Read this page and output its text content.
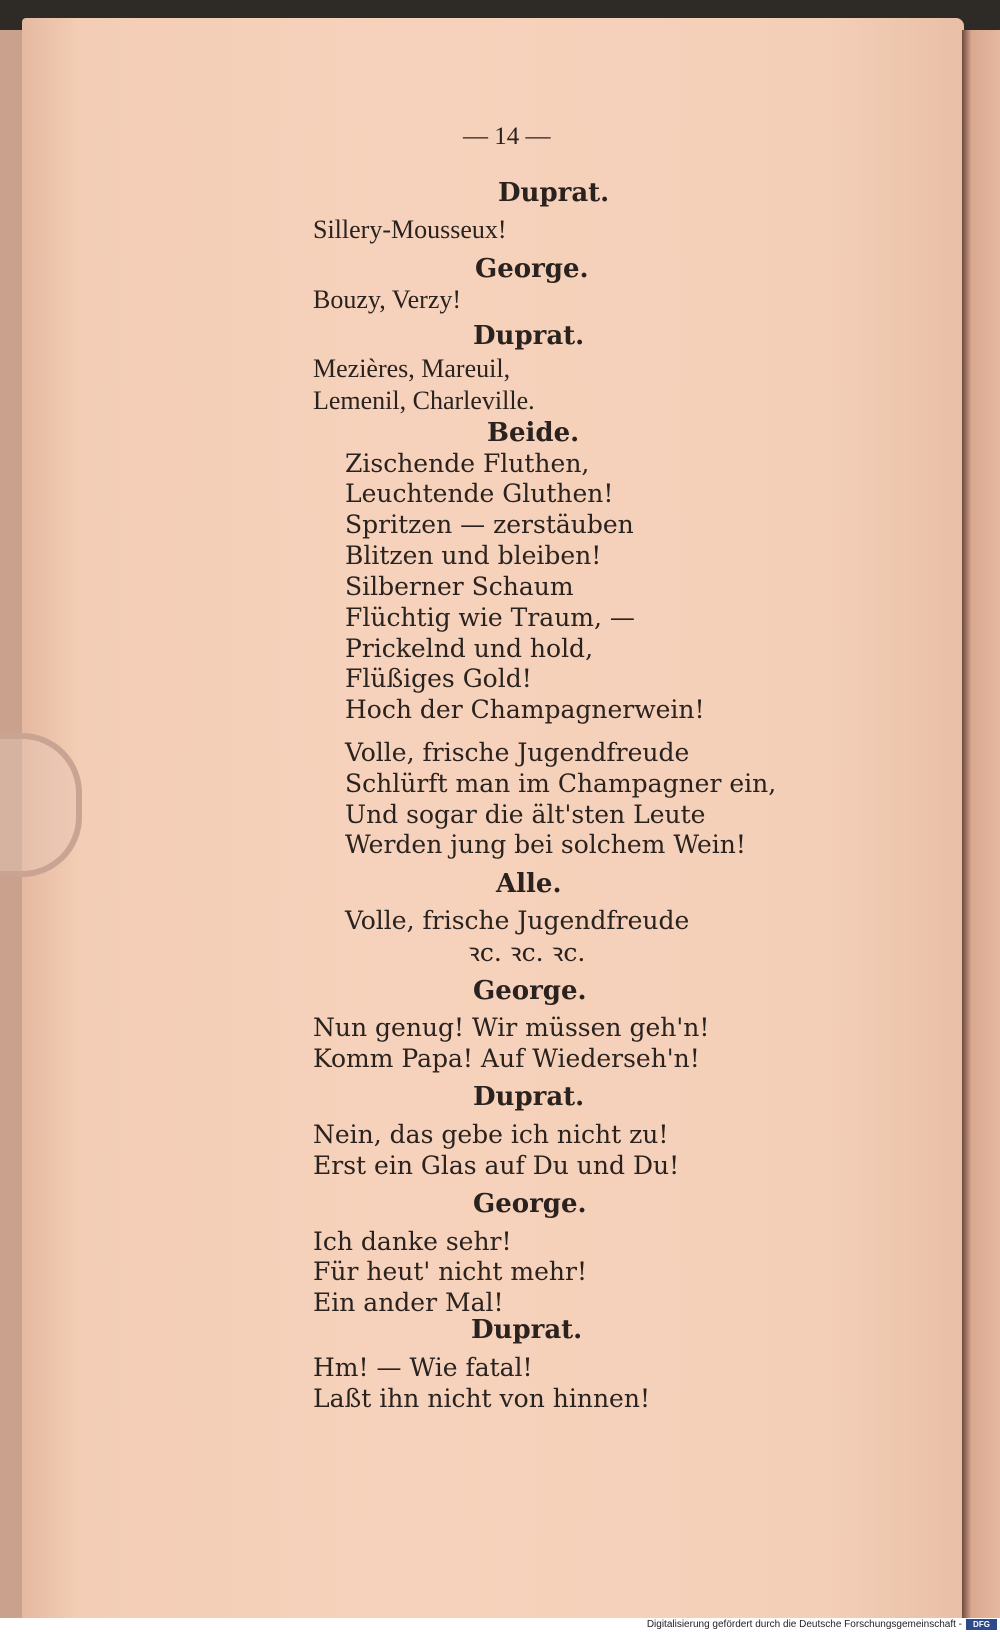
— 14 —
Duprat.
Sillery-Mousseux!
George.
Bouzy, Verzy!
Duprat.
Mezières, Mareuil,
Lemenil, Charleville.
Beide.
Zischende Fluthen,
Leuchtende Gluthen!
Spritzen — zerstäuben
Blitzen und bleiben!
Silberner Schaum
Flüchtig wie Traum, —
Prickelnd und hold,
Flüßiges Gold!
Hoch der Champagnerwein!
Volle, frische Jugendfreude
Schlürft man im Champagner ein,
Und sogar die ält'sten Leute
Werden jung bei solchem Wein!
Alle.
Volle, frische Jugendfreude
ꝛc. ꝛc. ꝛc.
George.
Nun genug! Wir müssen geh'n!
Komm Papa! Auf Wiederseh'n!
Duprat.
Nein, das gebe ich nicht zu!
Erst ein Glas auf Du und Du!
George.
Ich danke sehr!
Für heut' nicht mehr!
Ein ander Mal!
Duprat.
Hm! — Wie fatal!
Laßt ihn nicht von hinnen!
Digitalisierung gefördert durch die Deutsche Forschungsgemeinschaft -	DFG
